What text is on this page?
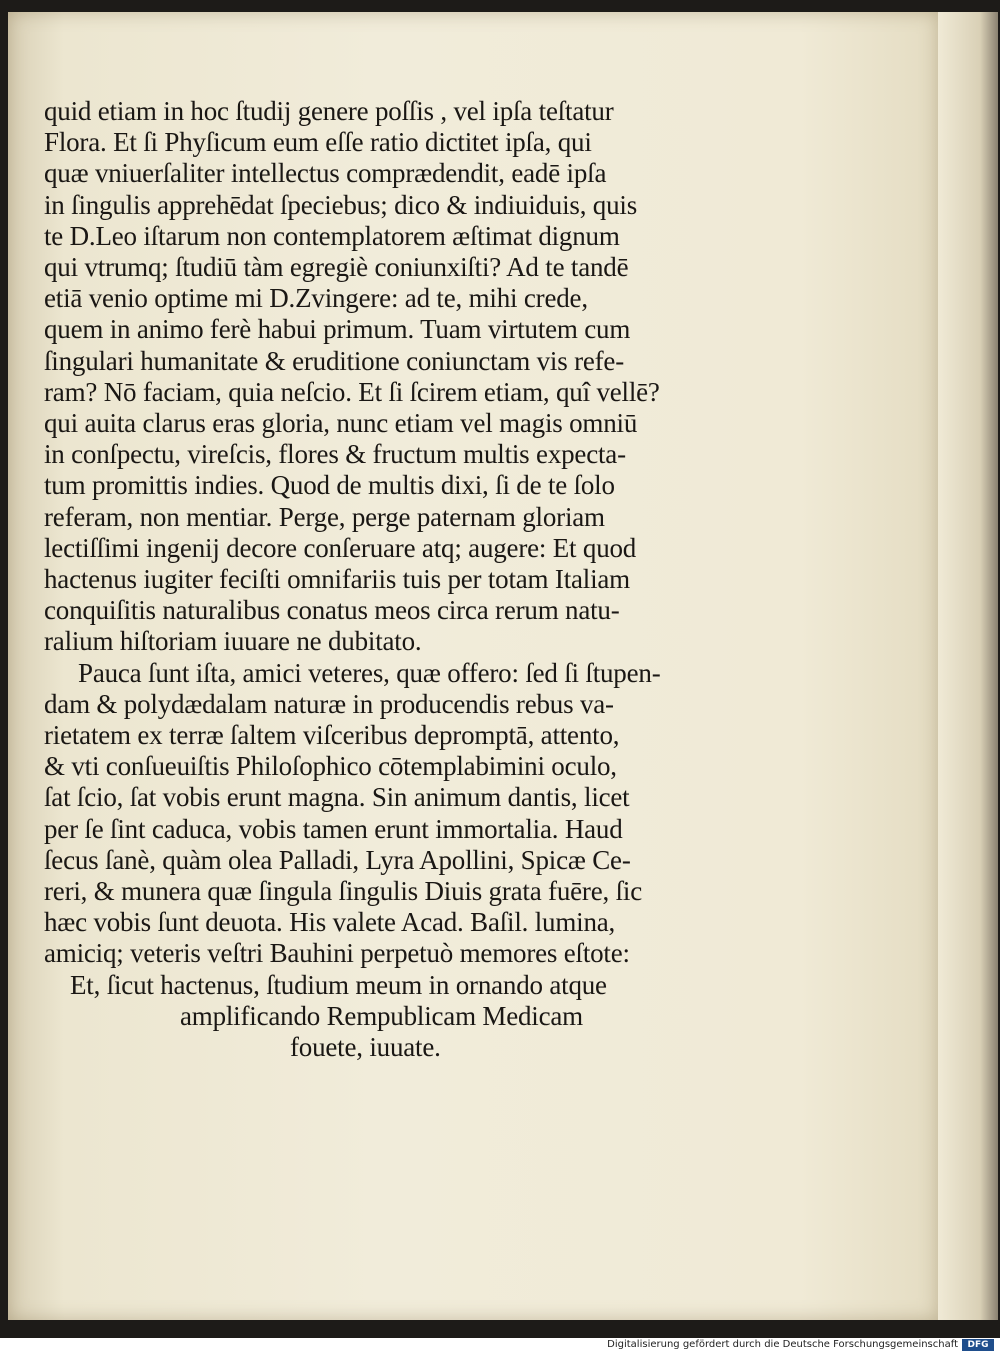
quid etiam in hoc ſtudij genere poſſis , vel ipſa teſtatur
Flora. Et ſi Phyſicum eum eſſe ratio dictitet ipſa, qui
quæ vniuerſaliter intellectus comprædendit, eadē ipſa
in ſingulis apprehēdat ſpeciebus; dico & indiuiduis, quis
te D.Leo iſtarum non contemplatorem æſtimat dignum
qui vtrumq; ſtudiū tàm egregiè coniunxiſti? Ad te tandē
etiā venio optime mi D.Zvingere: ad te, mihi crede,
quem in animo ferè habui primum. Tuam virtutem cum
ſingulari humanitate & eruditione coniunctam vis refe-
ram? Nō faciam, quia neſcio. Et ſi ſcirem etiam, quî vellē?
qui auita clarus eras gloria, nunc etiam vel magis omniū
in conſpectu, vireſcis, flores & fructum multis expecta-
tum promittis indies. Quod de multis dixi, ſi de te ſolo
referam, non mentiar. Perge, perge paternam gloriam
lectiſſimi ingenij decore conſeruare atq; augere: Et quod
hactenus iugiter feciſti omnifariis tuis per totam Italiam
conquiſitis naturalibus conatus meos circa rerum natu-
ralium hiſtoriam iuuare ne dubitato.
Pauca ſunt iſta, amici veteres, quæ offero: ſed ſi ſtupen-
dam & polydædalam naturæ in producendis rebus va-
rietatem ex terræ ſaltem viſceribus depromptā, attento,
& vti conſueuiſtis Philoſophico cōtemplabimini oculo,
ſat ſcio, ſat vobis erunt magna. Sin animum dantis, licet
per ſe ſint caduca, vobis tamen erunt immortalia. Haud
ſecus ſanè, quàm olea Palladi, Lyra Apollini, Spicæ Ce-
reri, & munera quæ ſingula ſingulis Diuis grata fuēre, ſic
hæc vobis ſunt deuota. His valete Acad. Baſil. lumina,
amiciq; veteris veſtri Bauhini perpetuò memores eſtote:
Et, ſicut hactenus, ſtudium meum in ornando atque
amplificando Rempublicam Medicam
fouete, iuuate.
Digitalisierung gefördert durch die Deutsche Forschungsgemeinschaft	DFG
